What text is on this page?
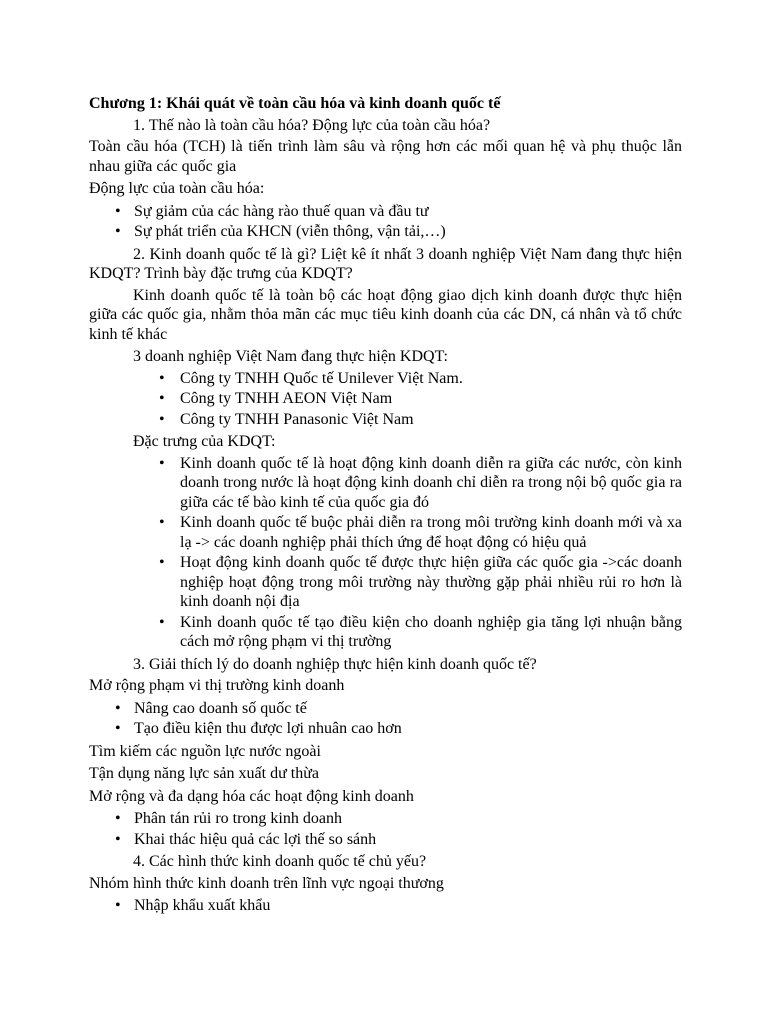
Chương 1: Khái quát về toàn cầu hóa và kinh doanh quốc tế

1. Thế nào là toàn cầu hóa? Động lực của toàn cầu hóa?

Toàn cầu hóa (TCH) là tiến trình làm sâu và rộng hơn các mối quan hệ và phụ thuộc lẫn nhau giữa các quốc gia

Động lực của toàn cầu hóa:

• Sự giảm của các hàng rào thuế quan và đầu tư
• Sự phát triển của KHCN (viễn thông, vận tải,…)

2. Kinh doanh quốc tế là gì? Liệt kê ít nhất 3 doanh nghiệp Việt Nam đang thực hiện KDQT? Trình bày đặc trưng của KDQT?

Kinh doanh quốc tế là toàn bộ các hoạt động giao dịch kinh doanh được thực hiện giữa các quốc gia, nhằm thỏa mãn các mục tiêu kinh doanh của các DN, cá nhân và tổ chức kinh tế khác

3 doanh nghiệp Việt Nam đang thực hiện KDQT:

• Công ty TNHH Quốc tế Unilever Việt Nam.
• Công ty TNHH AEON Việt Nam
• Công ty TNHH Panasonic Việt Nam

Đặc trưng của KDQT:

• Kinh doanh quốc tế là hoạt động kinh doanh diễn ra giữa các nước, còn kinh doanh trong nước là hoạt động kinh doanh chỉ diễn ra trong nội bộ quốc gia ra giữa các tế bào kinh tế của quốc gia đó
• Kinh doanh quốc tế buộc phải diễn ra trong môi trường kinh doanh mới và xa lạ -> các doanh nghiệp phải thích ứng để hoạt động có hiệu quả
• Hoạt động kinh doanh quốc tế được thực hiện giữa các quốc gia ->các doanh nghiệp hoạt động trong môi trường này thường gặp phải nhiều rủi ro hơn là kinh doanh nội địa
• Kinh doanh quốc tế tạo điều kiện cho doanh nghiệp gia tăng lợi nhuận bằng cách mở rộng phạm vi thị trường

3. Giải thích lý do doanh nghiệp thực hiện kinh doanh quốc tế?

Mở rộng phạm vi thị trường kinh doanh

• Nâng cao doanh số quốc tế
• Tạo điều kiện thu được lợi nhuân cao hơn

Tìm kiếm các nguồn lực nước ngoài

Tận dụng năng lực sản xuất dư thừa

Mở rộng và đa dạng hóa các hoạt động kinh doanh

• Phân tán rủi ro trong kinh doanh
• Khai thác hiệu quả các lợi thế so sánh

4. Các hình thức kinh doanh quốc tế chủ yếu?

Nhóm hình thức kinh doanh trên lĩnh vực ngoại thương

• Nhập khẩu xuất khẩu
